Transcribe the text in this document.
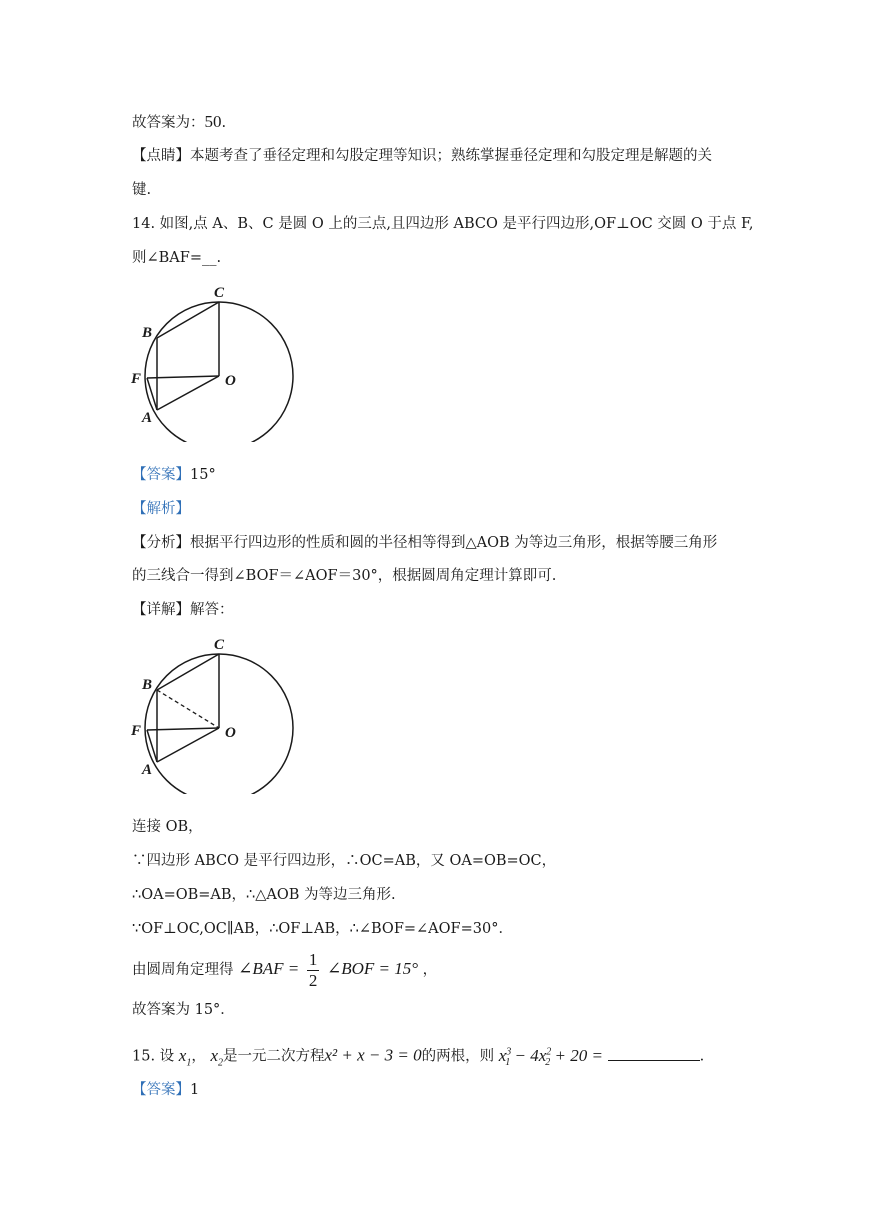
故答案为：50.
【点睛】本题考查了垂径定理和勾股定理等知识；熟练掌握垂径定理和勾股定理是解题的关
键.
14. 如图,点 A、B、C 是圆 O 上的三点,且四边形 ABCO 是平行四边形,OF⊥OC 交圆 O 于点 F,
则∠BAF=__.
C
B
F	O
A
【答案】15°
【解析】
【分析】根据平行四边形的性质和圆的半径相等得到△AOB 为等边三角形，根据等腰三角形
的三线合一得到∠BOF＝∠AOF＝30°，根据圆周角定理计算即可.
【详解】解答：
C
B
F	O
A
连接 OB，
∵四边形 ABCO 是平行四边形，∴OC=AB，又 OA=OB=OC，
∴OA=OB=AB，∴△AOB 为等边三角形.
∵OF⊥OC,OC∥AB，∴OF⊥AB，∴∠BOF=∠AOF=30°．
由圆周角定理得 ∠BAF = $\frac{1}{2}$ ∠BOF = 15° ，
故答案为 15°．
15. 设 $x_1$， $x_2$是一元二次方程x² + x − 3 = 0的两根，则 $x^3_1 - 4x^2_2 + 20$ =	.
【答案】1
